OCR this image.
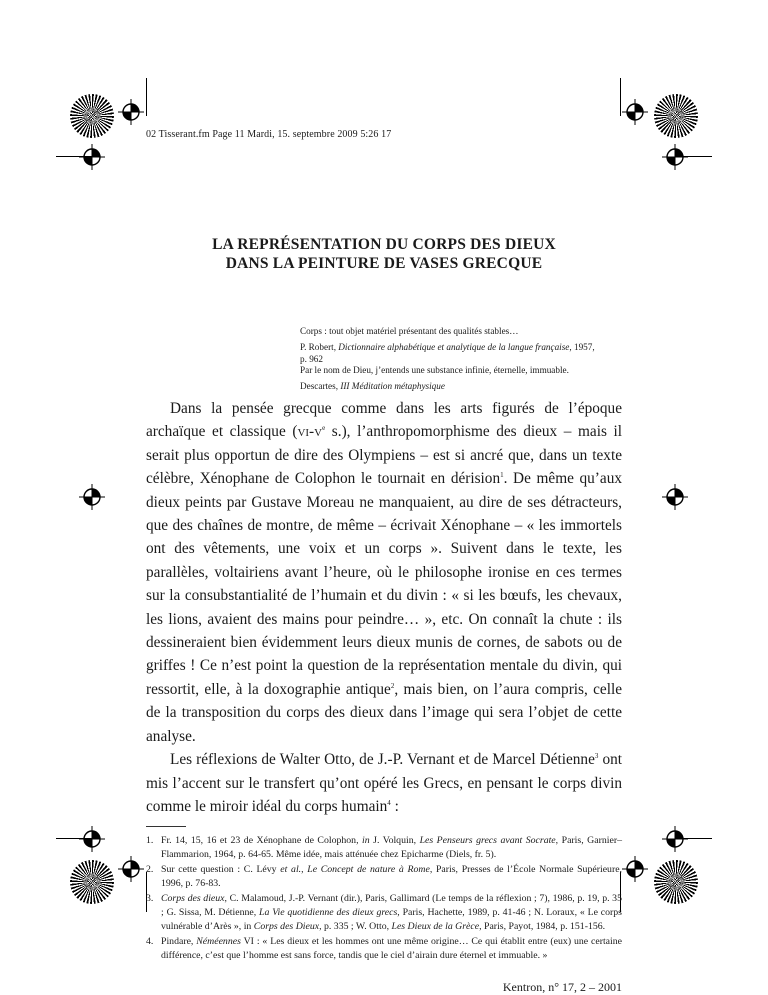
02 Tisserant.fm Page 11 Mardi, 15. septembre 2009 5:26 17
LA REPRÉSENTATION DU CORPS DES DIEUX
DANS LA PEINTURE DE VASES GRECQUE
Corps : tout objet matériel présentant des qualités stables…
P. Robert, Dictionnaire alphabétique et analytique de la langue française, 1957, p. 962
Par le nom de Dieu, j’entends une substance infinie, éternelle, immuable.
Descartes, III Méditation métaphysique

Dans la pensée grecque comme dans les arts figurés de l’époque archaïque et classique ($vi-v^e$ s.), l’anthropomorphisme des dieux – mais il serait plus opportun de dire des Olympiens – est si ancré que, dans un texte célèbre, Xénophane de Colophon le tournait en dérision$^1$. De même qu’aux dieux peints par Gustave Moreau ne manquaient, au dire de ses détracteurs, que des chaînes de montre, de même – écrivait Xénophane – « les immortels ont des vêtements, une voix et un corps ». Suivent dans le texte, les parallèles, voltairiens avant l’heure, où le philosophe ironise en ces termes sur la consubstantialité de l’humain et du divin : « si les bœufs, les chevaux, les lions, avaient des mains pour peindre… », etc. On connaît la chute : ils dessineraient bien évidemment leurs dieux munis de cornes, de sabots ou de griffes ! Ce n’est point la question de la représentation mentale du divin, qui ressortit, elle, à la doxographie antique$^2$, mais bien, on l’aura compris, celle de la transposition du corps des dieux dans l’image qui sera l’objet de cette analyse.

Les réflexions de Walter Otto, de J.-P. Vernant et de Marcel Détienne$^3$ ont mis l’accent sur le transfert qu’ont opéré les Grecs, en pensant le corps divin comme le miroir idéal du corps humain$^4$ :

1. Fr. 14, 15, 16 et 23 de Xénophane de Colophon, in J. Volquin, Les Penseurs grecs avant Socrate, Paris, Garnier–Flammarion, 1964, p. 64-65. Même idée, mais atténuée chez Epicharme (Diels, fr. 5).
2. Sur cette question : C. Lévy et al., Le Concept de nature à Rome, Paris, Presses de l’École Normale Supérieure, 1996, p. 76-83.
3. Corps des dieux, C. Malamoud, J.-P. Vernant (dir.), Paris, Gallimard (Le temps de la réflexion ; 7), 1986, p. 19, p. 35 ; G. Sissa, M. Détienne, La Vie quotidienne des dieux grecs, Paris, Hachette, 1989, p. 41-46 ; N. Loraux, « Le corps vulnérable d’Arès », in Corps des Dieux, p. 335 ; W. Otto, Les Dieux de la Grèce, Paris, Payot, 1984, p. 151-156.
4. Pindare, Néméennes VI : « Les dieux et les hommes ont une même origine… Ce qui établit entre (eux) une certaine différence, c’est que l’homme est sans force, tandis que le ciel d’airain dure éternel et immuable. »
Kentron, n° 17, 2 – 2001
